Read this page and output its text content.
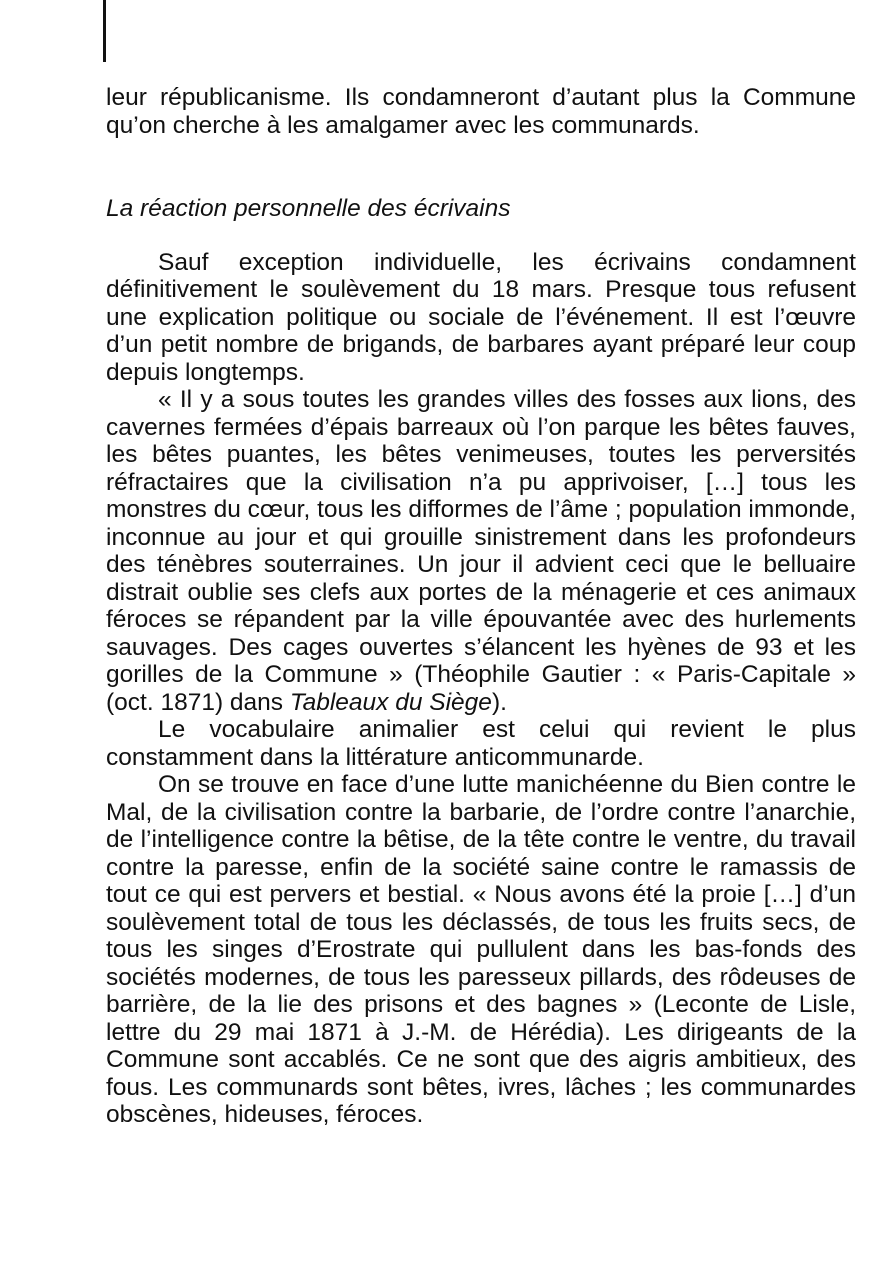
leur républicanisme. Ils condamneront d’autant plus la Commune qu’on cherche à les amalgamer avec les communards.

La réaction personnelle des écrivains

Sauf exception individuelle, les écrivains condamnent définitivement le soulèvement du 18 mars. Presque tous refusent une explication politique ou sociale de l’événement. Il est l’œuvre d’un petit nombre de brigands, de barbares ayant préparé leur coup depuis longtemps.

« Il y a sous toutes les grandes villes des fosses aux lions, des cavernes fermées d’épais barreaux où l’on parque les bêtes fauves, les bêtes puantes, les bêtes venimeuses, toutes les perversités réfractaires que la civilisation n’a pu apprivoiser, […] tous les monstres du cœur, tous les difformes de l’âme ; population immonde, inconnue au jour et qui grouille sinistrement dans les profondeurs des ténèbres souterraines. Un jour il advient ceci que le belluaire distrait oublie ses clefs aux portes de la ménagerie et ces animaux féroces se répandent par la ville épouvantée avec des hurlements sauvages. Des cages ouvertes s’élancent les hyènes de 93 et les gorilles de la Commune » (Théophile Gautier : « Paris-Capitale » (oct. 1871) dans Tableaux du Siège).

Le vocabulaire animalier est celui qui revient le plus constamment dans la littérature anticommunarde.

On se trouve en face d’une lutte manichéenne du Bien contre le Mal, de la civilisation contre la barbarie, de l’ordre contre l’anarchie, de l’intelligence contre la bêtise, de la tête contre le ventre, du travail contre la paresse, enfin de la société saine contre le ramassis de tout ce qui est pervers et bestial. « Nous avons été la proie […] d’un soulèvement total de tous les déclassés, de tous les fruits secs, de tous les singes d’Erostrate qui pullulent dans les bas-fonds des sociétés modernes, de tous les paresseux pillards, des rôdeuses de barrière, de la lie des prisons et des bagnes » (Leconte de Lisle, lettre du 29 mai 1871 à J.-M. de Hérédia). Les dirigeants de la Commune sont accablés. Ce ne sont que des aigris ambitieux, des fous. Les communards sont bêtes, ivres, lâches ; les communardes obscènes, hideuses, féroces.
